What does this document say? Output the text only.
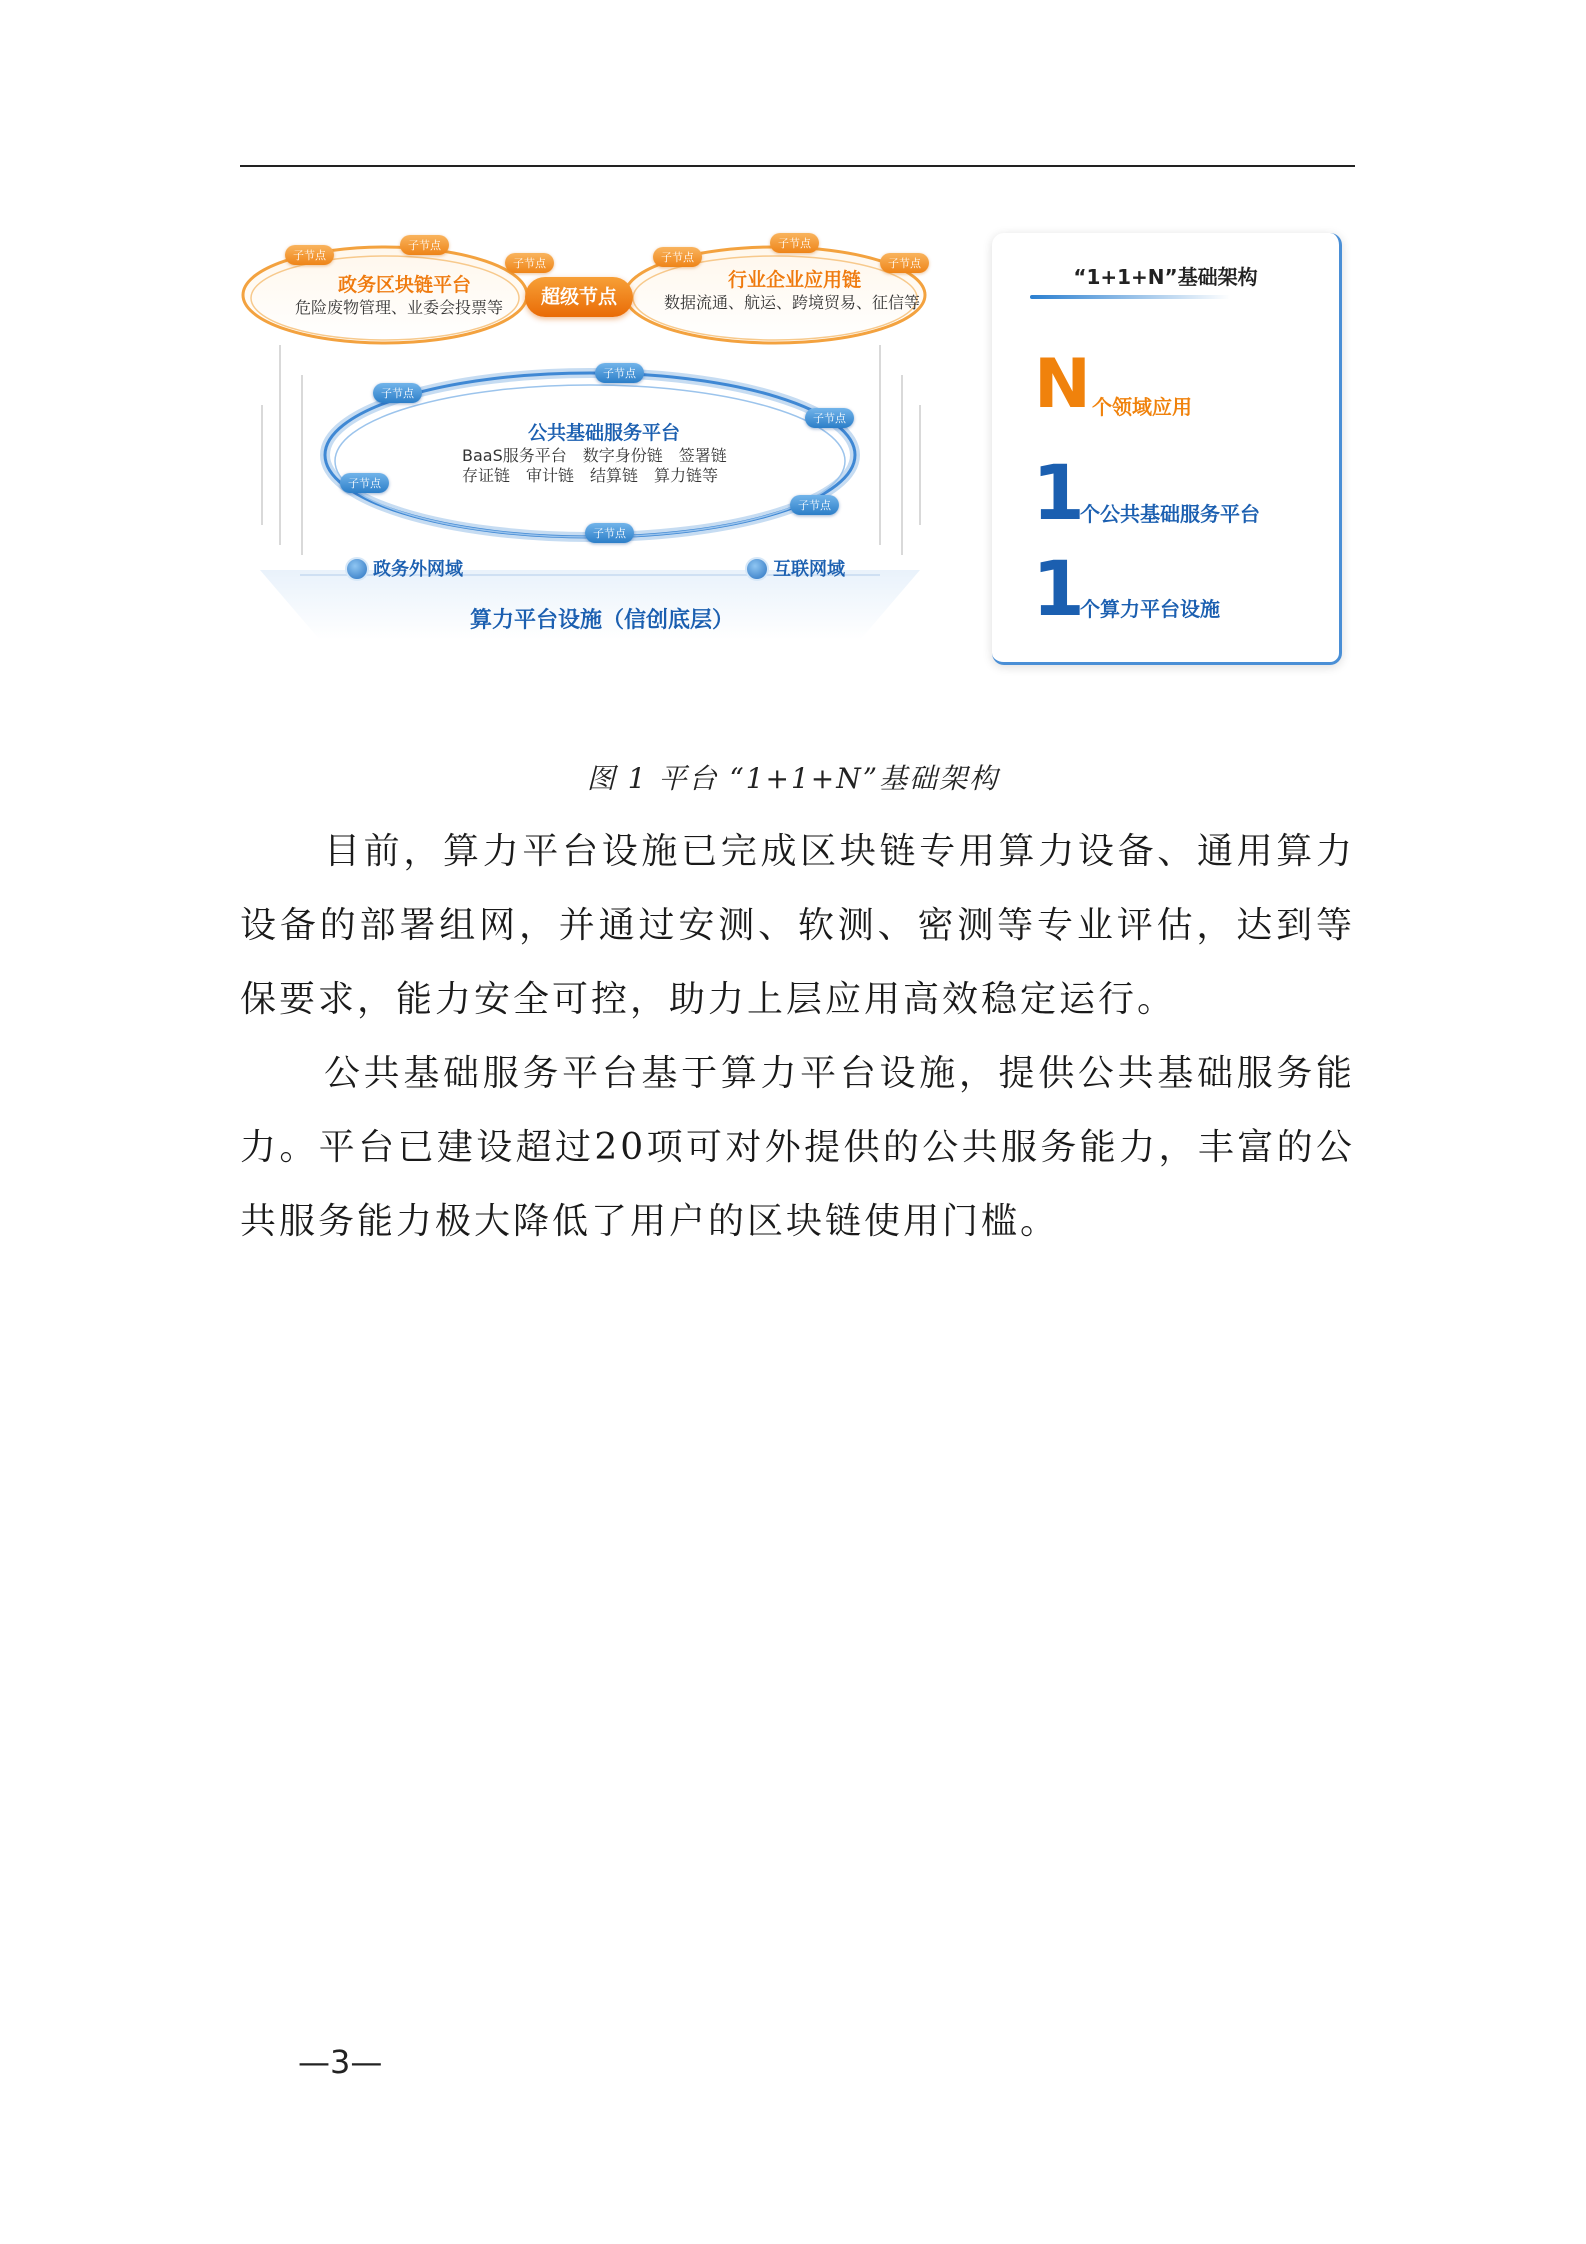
政务区块链平台
危险废物管理、业委会投票等
行业企业应用链
数据流通、航运、跨境贸易、征信等
超级节点
子节点
子节点
子节点	子节点
子节点
子节点
子节点
子节点
子节点
子节点
子节点
子节点
公共基础服务平台
BaaS服务平台　数字身份链　签署链
存证链　审计链　结算链　算力链等
政务外网域	互联网域
算力平台设施（信创底层）
“1+1+N”基础架构
N 个领域应用
1
个公共基础服务平台
1
个算力平台设施
图 1 平台 “1+1+N”基础架构
目前，算力平台设施已完成区块链专用算力设备、通用算力设备的部署组网，并通过安测、软测、密测等专业评估，达到等保要求，能力安全可控，助力上层应用高效稳定运行。
公共基础服务平台基于算力平台设施，提供公共基础服务能力。平台已建设超过20项可对外提供的公共服务能力，丰富的公共服务能力极大降低了用户的区块链使用门槛。
—3—
